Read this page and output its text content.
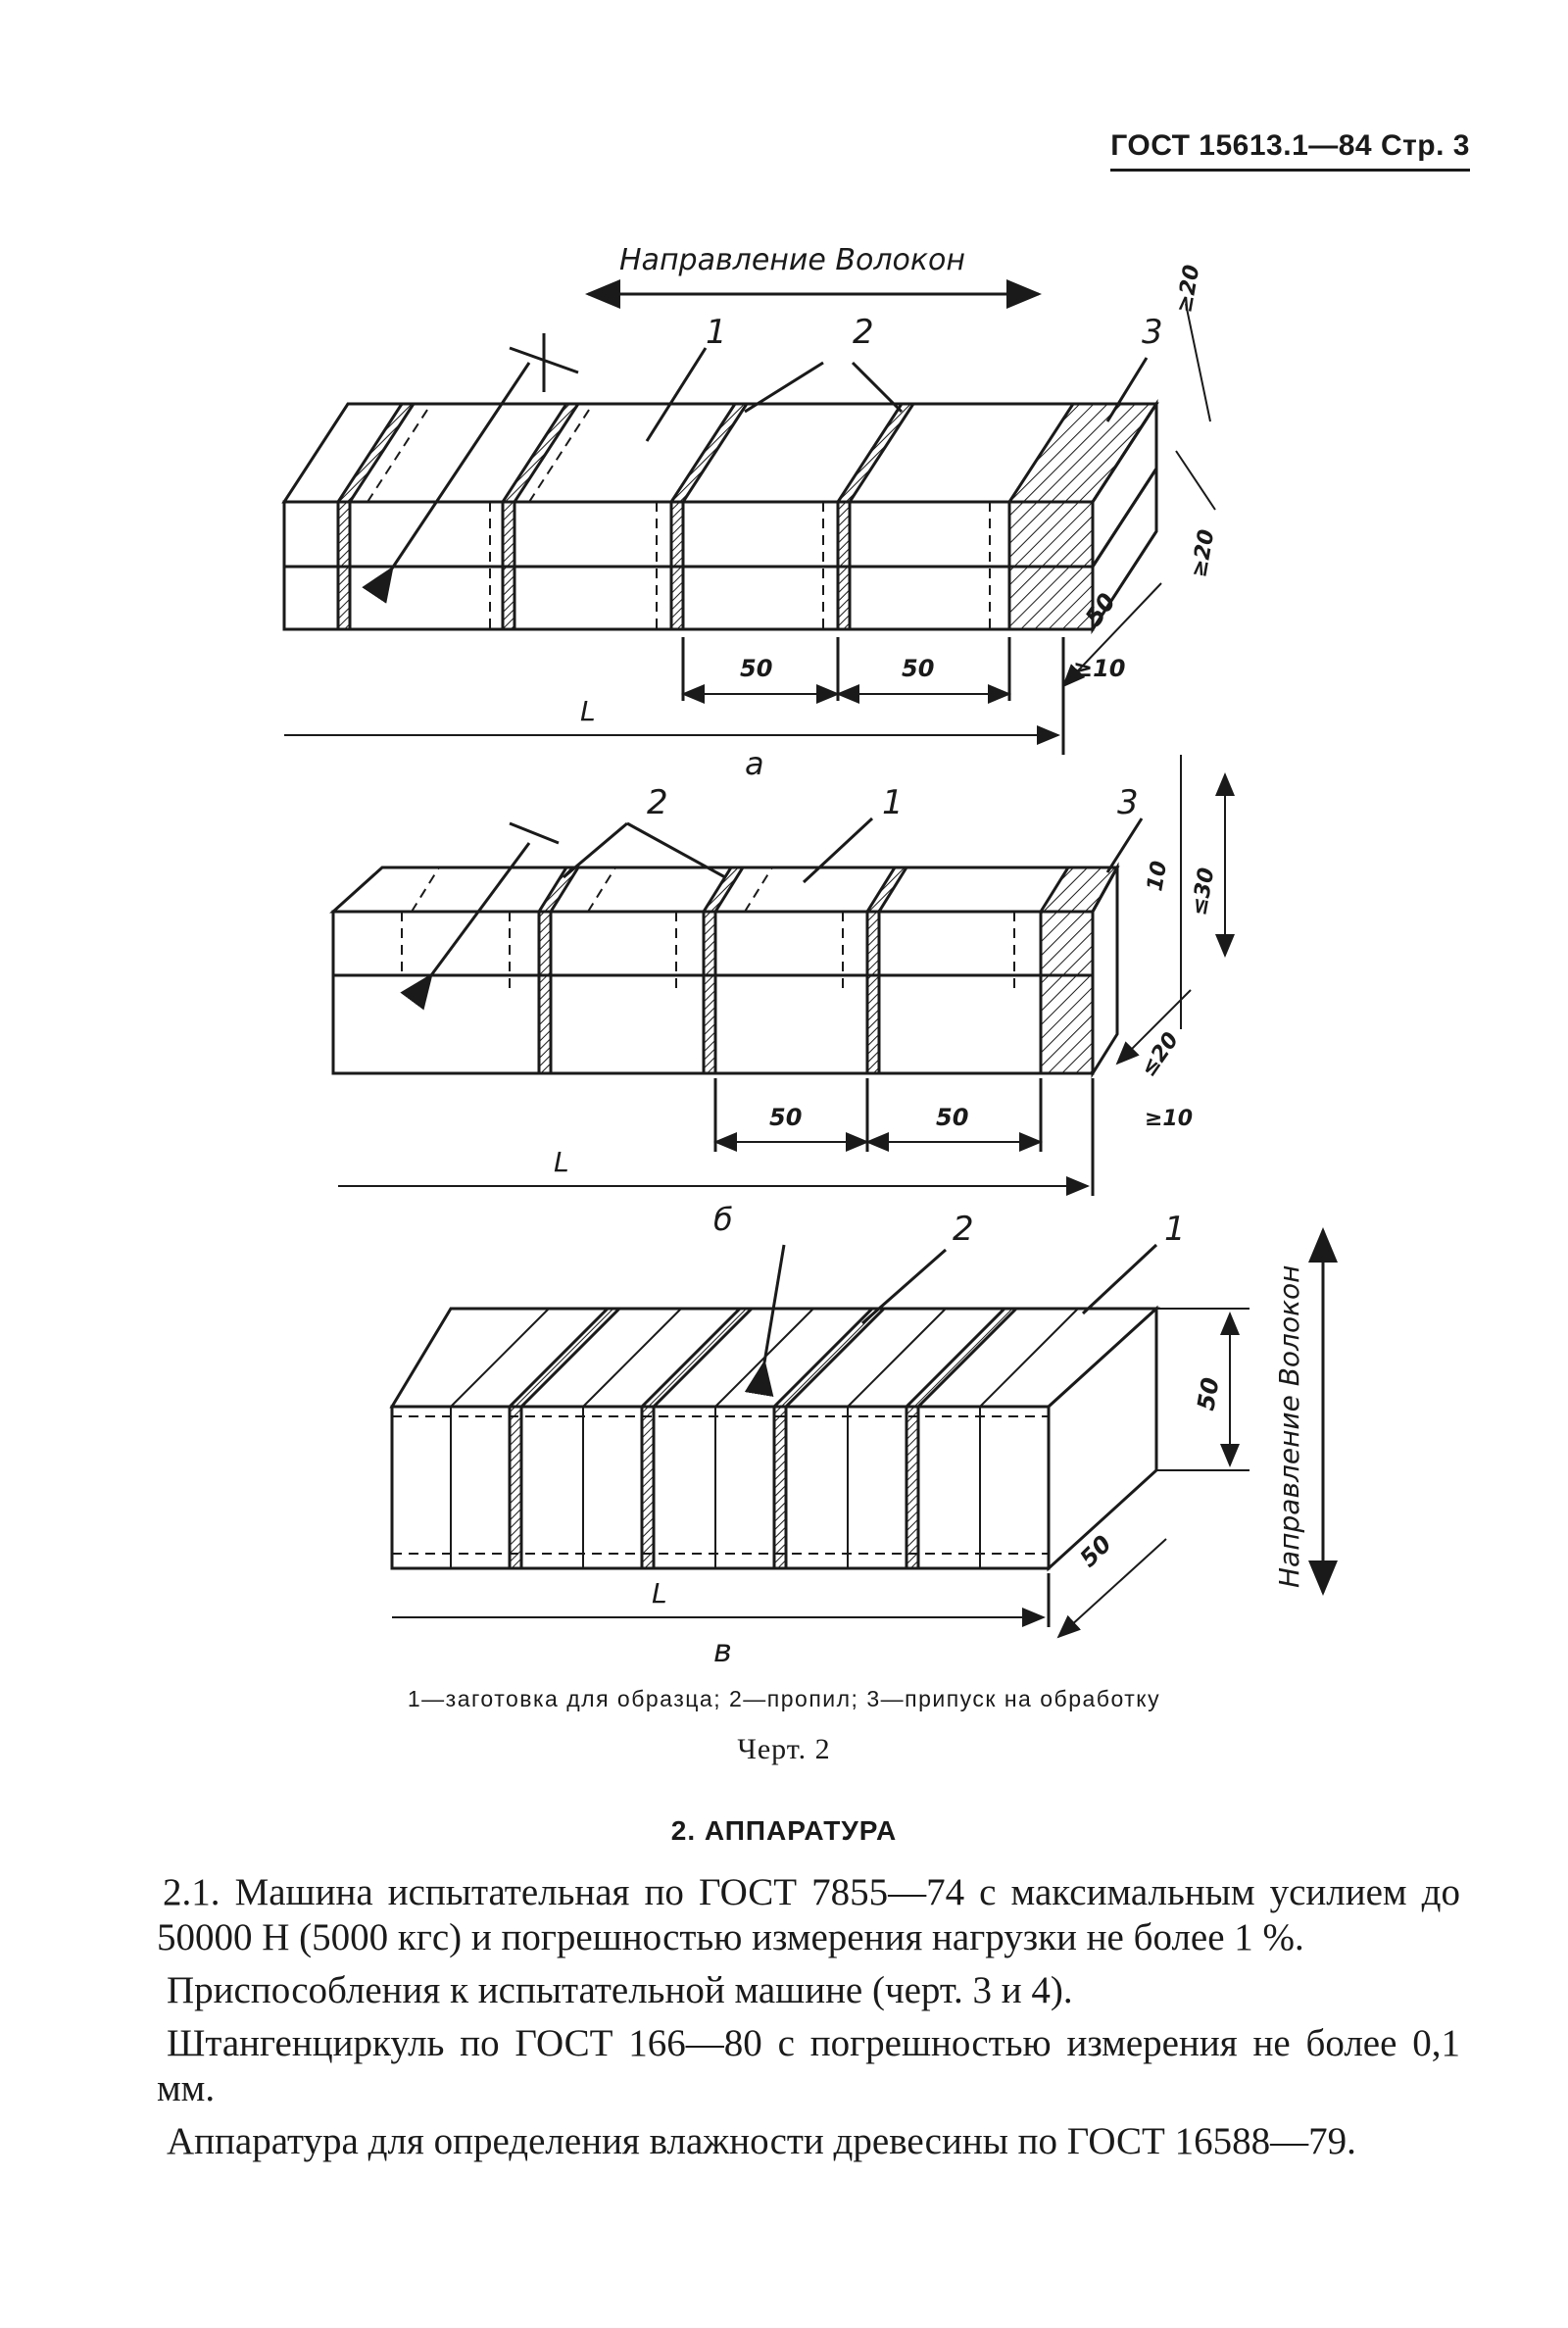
ГОСТ 15613.1—84 Стр. 3
Направление Волокон
1	2	3
≥20
≥20
50
50	50	≥10
L
а
2	1	3
10 ≤30
≤20
≥10
50	50
L
б	2	1
50
50
L
в
Направление Волокон
1—заготовка для образца; 2—пропил; 3—припуск на обработку
Черт. 2
2. АППАРАТУРА

2.1. Машина испытательная по ГОСТ 7855—74 с максимальным усилием до 50000 Н (5000 кгс) и погрешностью измерения нагрузки не более 1 %.

Приспособления к испытательной машине (черт. 3 и 4).

Штангенциркуль по ГОСТ 166—80 с погрешностью измерения не более 0,1 мм.

Аппаратура для определения влажности древесины по ГОСТ 16588—79.
